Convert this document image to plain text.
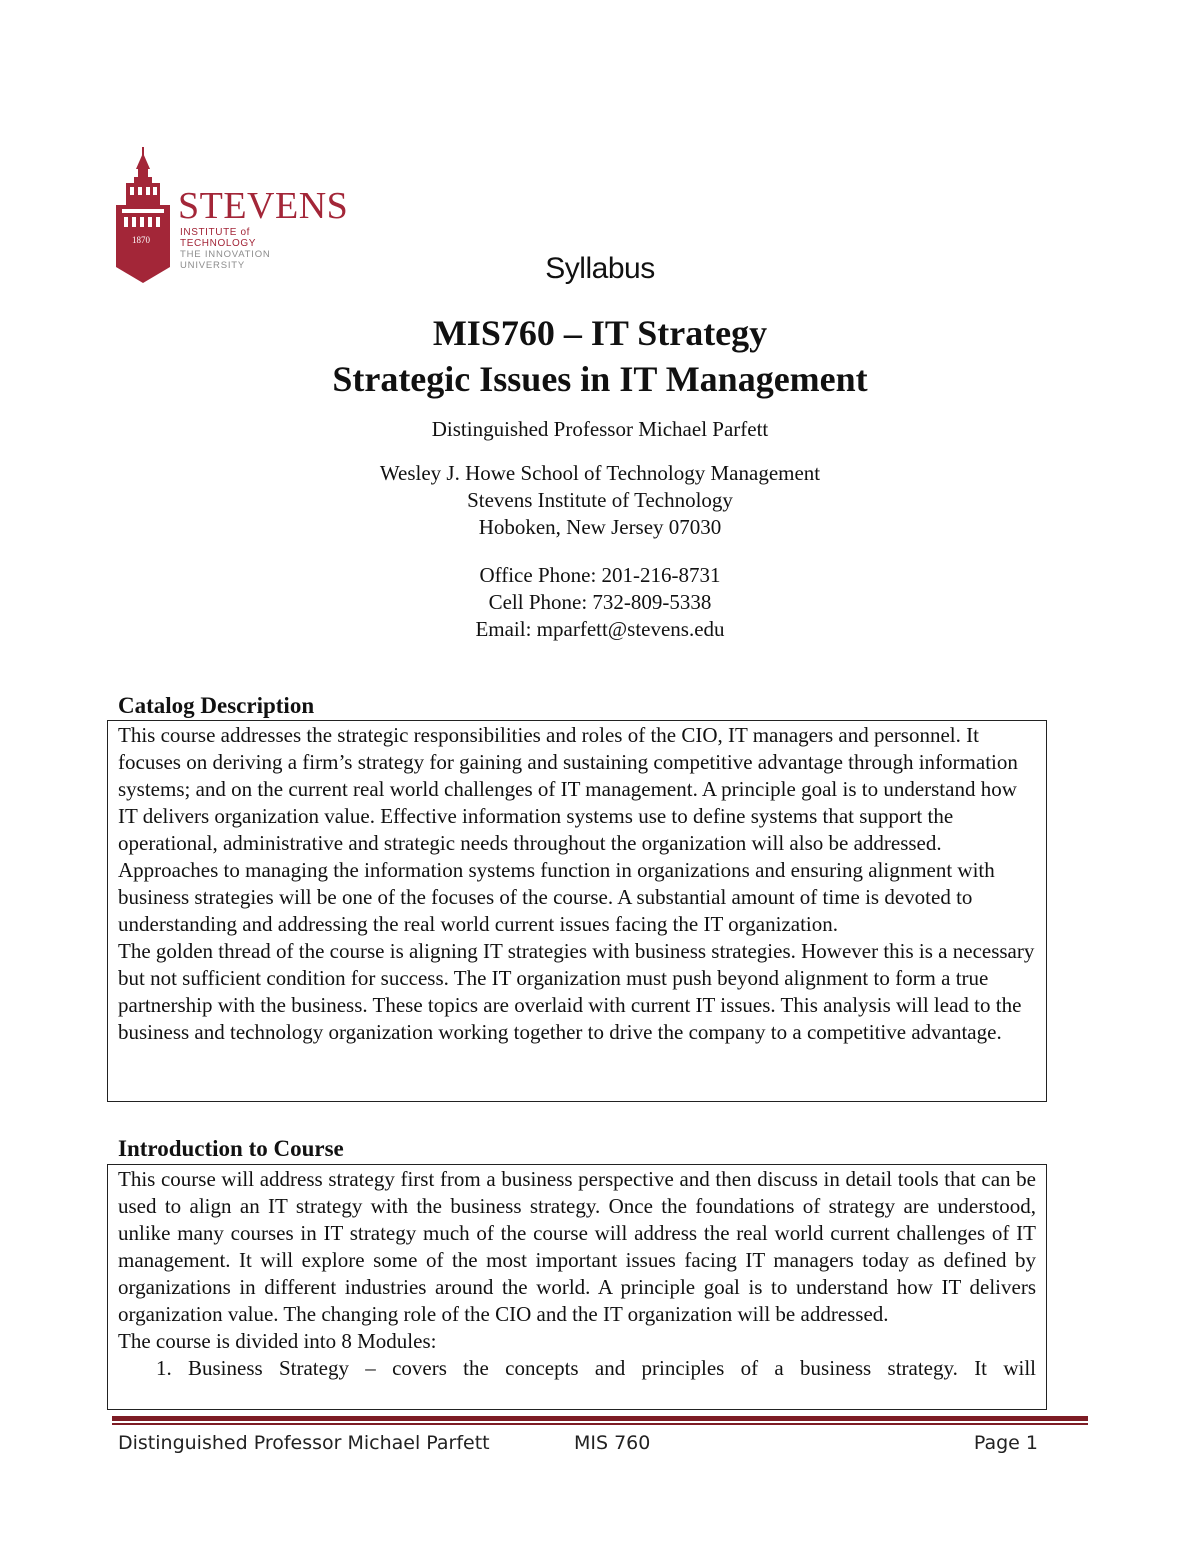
1870
STEVENS
INSTITUTE of TECHNOLOGY
THE INNOVATION UNIVERSITY	Syllabus
MIS760 – IT Strategy
Strategic Issues in IT Management
Distinguished Professor Michael Parfett
Wesley J. Howe School of Technology Management
Stevens Institute of Technology
Hoboken, New Jersey 07030
Office Phone: 201-216-8731
Cell Phone: 732-809-5338
Email: mparfett@stevens.edu
Catalog Description

This course addresses the strategic responsibilities and roles of the CIO, IT managers and personnel. It focuses on deriving a firm’s strategy for gaining and sustaining competitive advantage through information systems; and on the current real world challenges of IT management. A principle goal is to understand how IT delivers organization value. Effective information systems use to define systems that support the operational, administrative and strategic needs throughout the organization will also be addressed. Approaches to managing the information systems function in organizations and ensuring alignment with business strategies will be one of the focuses of the course. A substantial amount of time is devoted to understanding and addressing the real world current issues facing the IT organization.

The golden thread of the course is aligning IT strategies with business strategies. However this is a necessary but not sufficient condition for success. The IT organization must push beyond alignment to form a true partnership with the business. These topics are overlaid with current IT issues. This analysis will lead to the business and technology organization working together to drive the company to a competitive advantage.

Introduction to Course

This course will address strategy first from a business perspective and then discuss in detail tools that can be used to align an IT strategy with the business strategy. Once the foundations of strategy are understood, unlike many courses in IT strategy much of the course will address the real world current challenges of IT management. It will explore some of the most important issues facing IT managers today as defined by organizations in different industries around the world. A principle goal is to understand how IT delivers organization value. The changing role of the CIO and the IT organization will be addressed.

The course is divided into 8 Modules:

1. Business Strategy – covers the concepts and principles of a business strategy. It will
Distinguished Professor Michael Parfett	MIS 760	Page 1
